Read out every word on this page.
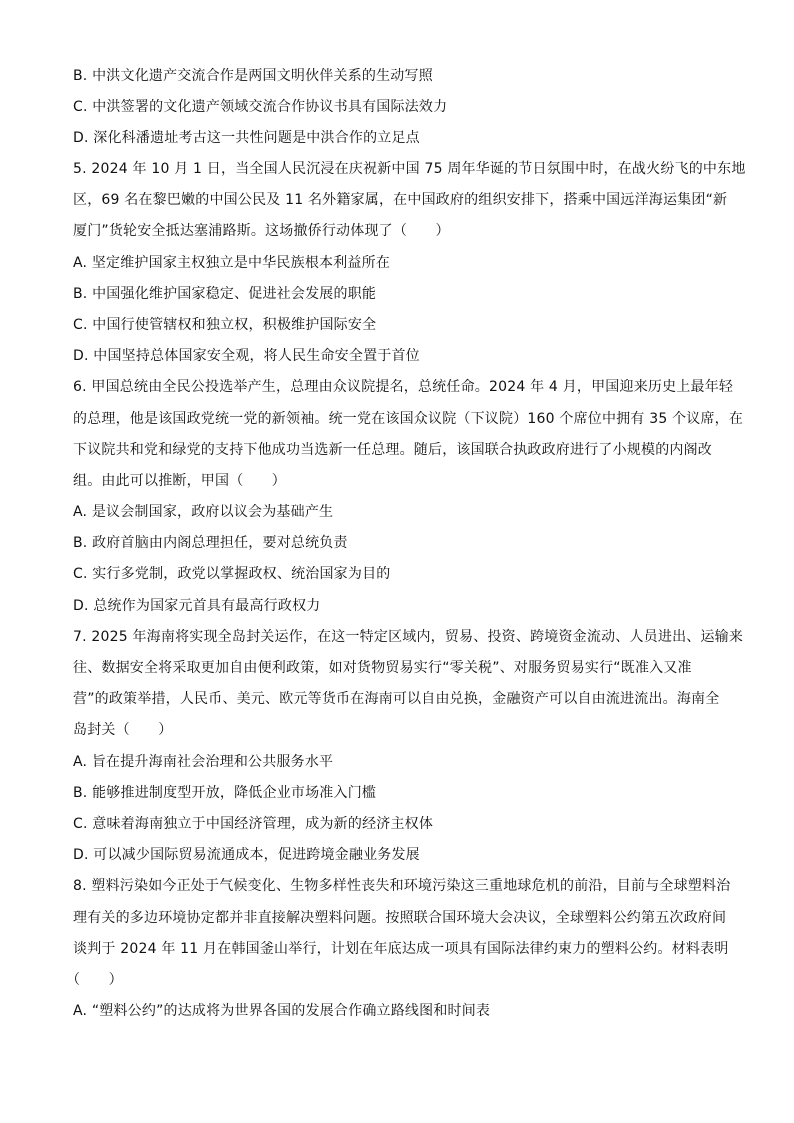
B. 中洪文化遗产交流合作是两国文明伙伴关系的生动写照
C. 中洪签署的文化遗产领域交流合作协议书具有国际法效力
D. 深化科潘遗址考古这一共性问题是中洪合作的立足点
5. 2024 年 10 月 1 日，当全国人民沉浸在庆祝新中国 75 周年华诞的节日氛围中时，在战火纷飞的中东地
区，69 名在黎巴嫩的中国公民及 11 名外籍家属，在中国政府的组织安排下，搭乘中国远洋海运集团“新
厦门”货轮安全抵达塞浦路斯。这场撤侨行动体现了（　　）
A. 坚定维护国家主权独立是中华民族根本利益所在
B. 中国强化维护国家稳定、促进社会发展的职能
C. 中国行使管辖权和独立权，积极维护国际安全
D. 中国坚持总体国家安全观，将人民生命安全置于首位
6. 甲国总统由全民公投选举产生，总理由众议院提名，总统任命。2024 年 4 月，甲国迎来历史上最年轻
的总理，他是该国政党统一党的新领袖。统一党在该国众议院（下议院）160 个席位中拥有 35 个议席，在
下议院共和党和绿党的支持下他成功当选新一任总理。随后，该国联合执政政府进行了小规模的内阁改
组。由此可以推断，甲国（　　）
A. 是议会制国家，政府以议会为基础产生
B. 政府首脑由内阁总理担任，要对总统负责
C. 实行多党制，政党以掌握政权、统治国家为目的
D. 总统作为国家元首具有最高行政权力
7. 2025 年海南将实现全岛封关运作，在这一特定区域内，贸易、投资、跨境资金流动、人员进出、运输来
往、数据安全将采取更加自由便利政策，如对货物贸易实行“零关税”、对服务贸易实行“既准入又准
营”的政策举措，人民币、美元、欧元等货币在海南可以自由兑换，金融资产可以自由流进流出。海南全
岛封关（　　）
A. 旨在提升海南社会治理和公共服务水平
B. 能够推进制度型开放，降低企业市场准入门槛
C. 意味着海南独立于中国经济管理，成为新的经济主权体
D. 可以减少国际贸易流通成本，促进跨境金融业务发展
8. 塑料污染如今正处于气候变化、生物多样性丧失和环境污染这三重地球危机的前沿，目前与全球塑料治
理有关的多边环境协定都并非直接解决塑料问题。按照联合国环境大会决议，全球塑料公约第五次政府间
谈判于 2024 年 11 月在韩国釜山举行，计划在年底达成一项具有国际法律约束力的塑料公约。材料表明
（　　）
A. “塑料公约”的达成将为世界各国的发展合作确立路线图和时间表
